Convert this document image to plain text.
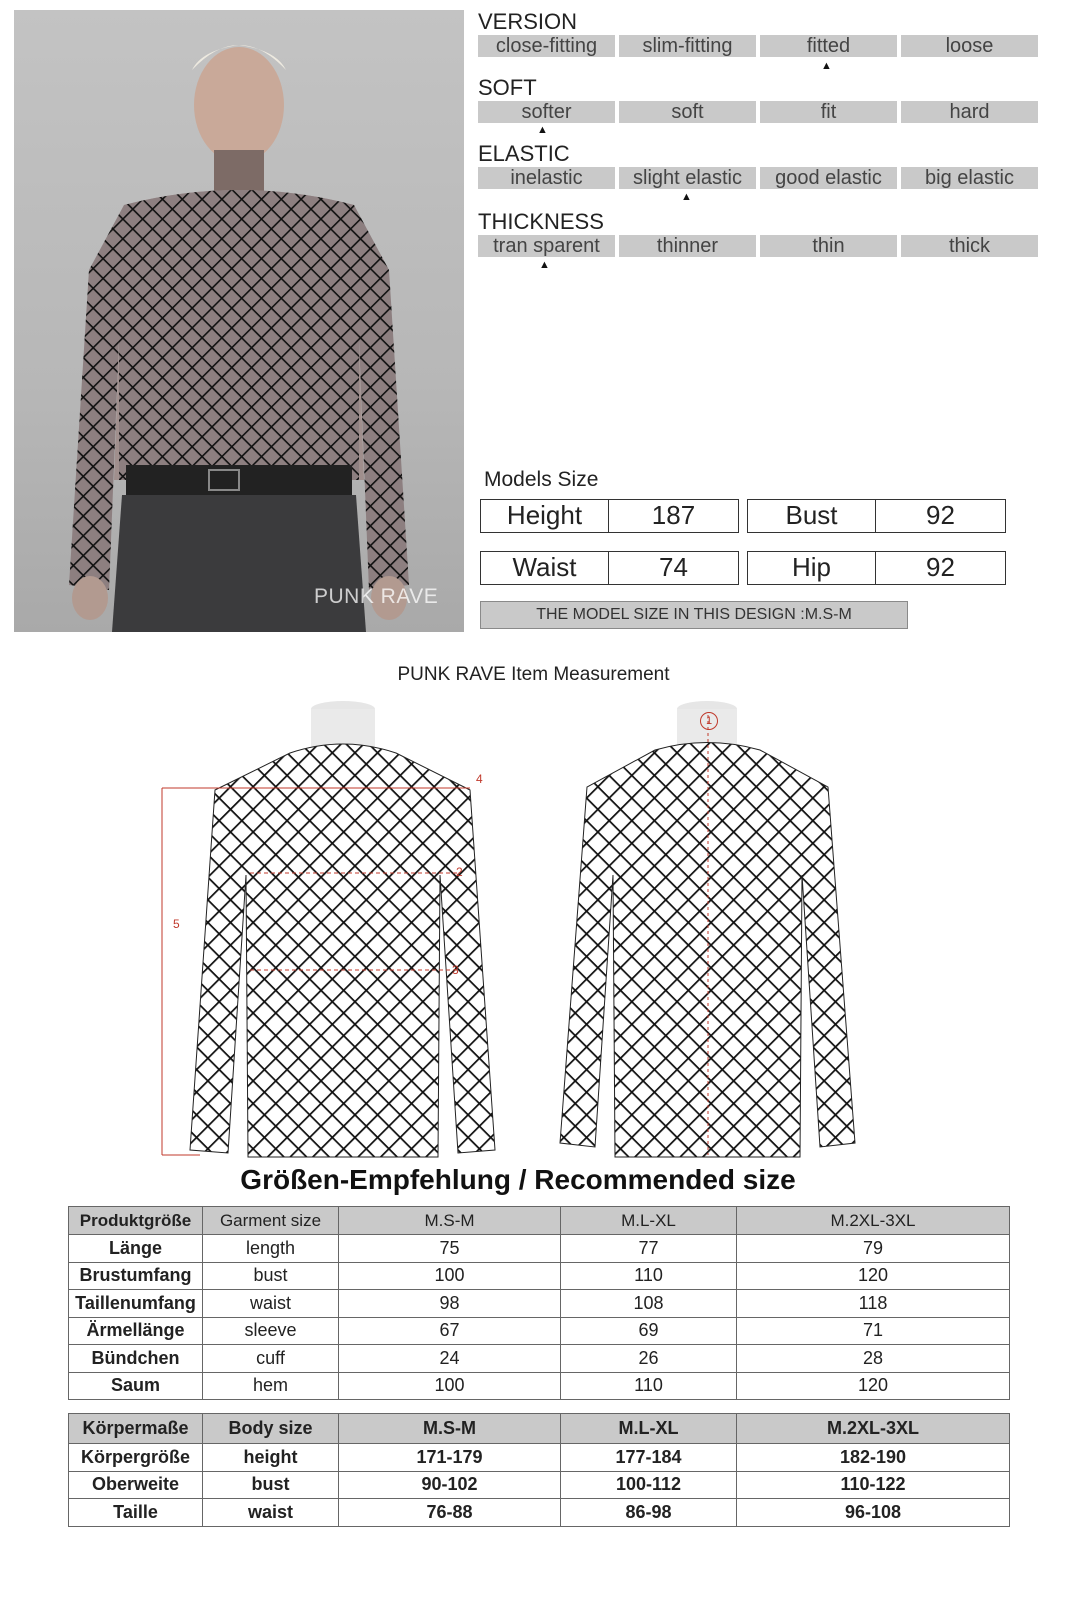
PUNK RAVE
VERSION
close-fitting	slim-fitting	fitted	loose
▲
SOFT
softer	soft	fit	hard
▲
ELASTIC
inelastic	slight elastic	good elastic	big elastic
▲
THICKNESS
tran sparent	thinner	thin	thick
▲
Models Size
Height	187	Bust	92
Waist	74	Hip	92
THE MODEL SIZE IN THIS DESIGN :M.S-M
PUNK RAVE Item Measurement
5
4
2
3
1
Größen-Empfehlung / Recommended size
Produktgröße	Garment size	M.S-M	M.L-XL	M.2XL-3XL
Länge	length	75	77	79
Brustumfang	bust	100	110	120
Taillenumfang	waist	98	108	118
Ärmellänge	sleeve	67	69	71
Bündchen	cuff	24	26	28
Saum	hem	100	110	120
Körpermaße	Body size	M.S-M	M.L-XL	M.2XL-3XL
Körpergröße	height	171-179	177-184	182-190
Oberweite	bust	90-102	100-112	110-122
Taille	waist	76-88	86-98	96-108
